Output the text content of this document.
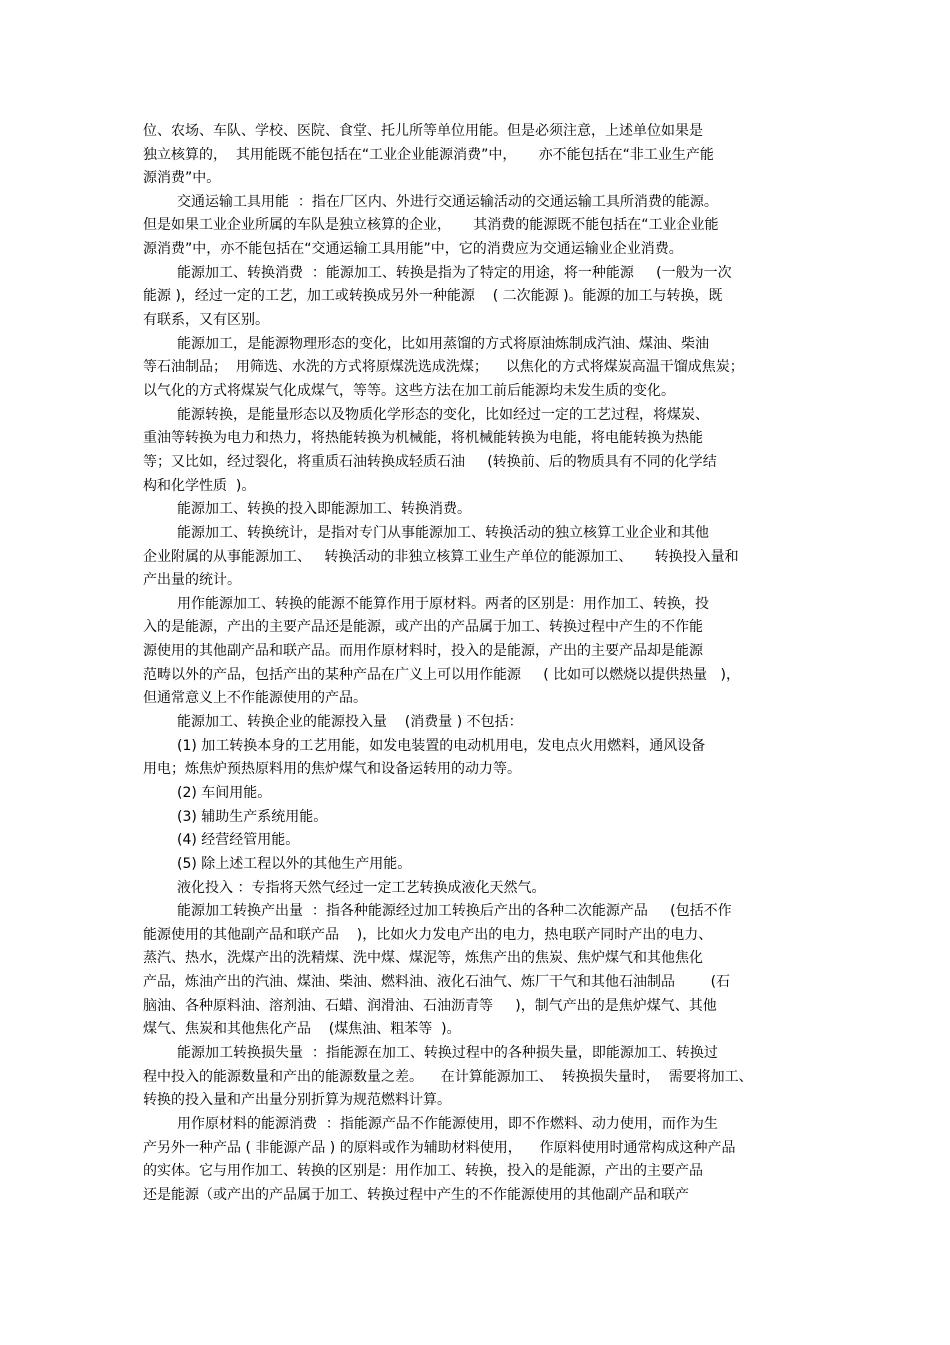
位、农场、车队、学校、医院、食堂、托儿所等单位用能。但是必须注意，上述单位如果是
独立核算的，  其用能既不能包括在“工业企业能源消费”中，     亦不能包括在“非工业生产能
源消费”中。
交通运输工具用能  ：指在厂区内、外进行交通运输活动的交通运输工具所消费的能源。
但是如果工业企业所属的车队是独立核算的企业，     其消费的能源既不能包括在“工业企业能
源消费”中，亦不能包括在“交通运输工具用能”中，它的消费应为交通运输业企业消费。
能源加工、转换消费  ：能源加工、转换是指为了特定的用途，将一种能源     (一般为一次
能源 )，经过一定的工艺，加工或转换成另外一种能源    ( 二次能源 )。能源的加工与转换，既
有联系，又有区别。
能源加工，是能源物理形态的变化，比如用蒸馏的方式将原油炼制成汽油、煤油、柴油
等石油制品；  用筛选、水洗的方式将原煤洗选成洗煤；    以焦化的方式将煤炭高温干馏成焦炭；
以气化的方式将煤炭气化成煤气，等等。这些方法在加工前后能源均未发生质的变化。
能源转换，是能量形态以及物质化学形态的变化，比如经过一定的工艺过程，将煤炭、
重油等转换为电力和热力，将热能转换为机械能，将机械能转换为电能，将电能转换为热能
等；又比如，经过裂化，将重质石油转换成轻质石油     (转换前、后的物质具有不同的化学结
构和化学性质  )。
能源加工、转换的投入即能源加工、转换消费。
能源加工、转换统计，是指对专门从事能源加工、转换活动的独立核算工业企业和其他
企业附属的从事能源加工、   转换活动的非独立核算工业生产单位的能源加工、     转换投入量和
产出量的统计。
用作能源加工、转换的能源不能算作用于原材料。两者的区别是：用作加工、转换，投
入的是能源，产出的主要产品还是能源，或产出的产品属于加工、转换过程中产生的不作能
源使用的其他副产品和联产品。而用作原材料时，投入的是能源，产出的主要产品却是能源
范畴以外的产品，包括产出的某种产品在广义上可以用作能源     ( 比如可以燃烧以提供热量   )，
但通常意义上不作能源使用的产品。
能源加工、转换企业的能源投入量    (消费量 ) 不包括：
(1) 加工转换本身的工艺用能，如发电装置的电动机用电，发电点火用燃料，通风设备
用电；炼焦炉预热原料用的焦炉煤气和设备运转用的动力等。
(2) 车间用能。
(3) 辅助生产系统用能。
(4) 经营经管用能。
(5) 除上述工程以外的其他生产用能。
液化投入 ：专指将天然气经过一定工艺转换成液化天然气。
能源加工转换产出量  ：指各种能源经过加工转换后产出的各种二次能源产品     (包括不作
能源使用的其他副产品和联产品    )，比如火力发电产出的电力，热电联产同时产出的电力、
蒸汽、热水，洗煤产出的洗精煤、洗中煤、煤泥等，炼焦产出的焦炭、焦炉煤气和其他焦化
产品，炼油产出的汽油、煤油、柴油、燃料油、液化石油气、炼厂干气和其他石油制品        (石
脑油、各种原料油、溶剂油、石蜡、润滑油、石油沥青等     )，制气产出的是焦炉煤气、其他
煤气、焦炭和其他焦化产品    (煤焦油、粗苯等  )。
能源加工转换损失量  ：指能源在加工、转换过程中的各种损失量，即能源加工、转换过
程中投入的能源数量和产出的能源数量之差。    在计算能源加工、  转换损失量时，  需要将加工、
转换的投入量和产出量分别折算为规范燃料计算。
用作原材料的能源消费  ：指能源产品不作能源使用，即不作燃料、动力使用，而作为生
产另外一种产品 ( 非能源产品 ) 的原料或作为辅助材料使用，    作原料使用时通常构成这种产品
的实体。它与用作加工、转换的区别是：用作加工、转换，投入的是能源，产出的主要产品
还是能源（或产出的产品属于加工、转换过程中产生的不作能源使用的其他副产品和联产
